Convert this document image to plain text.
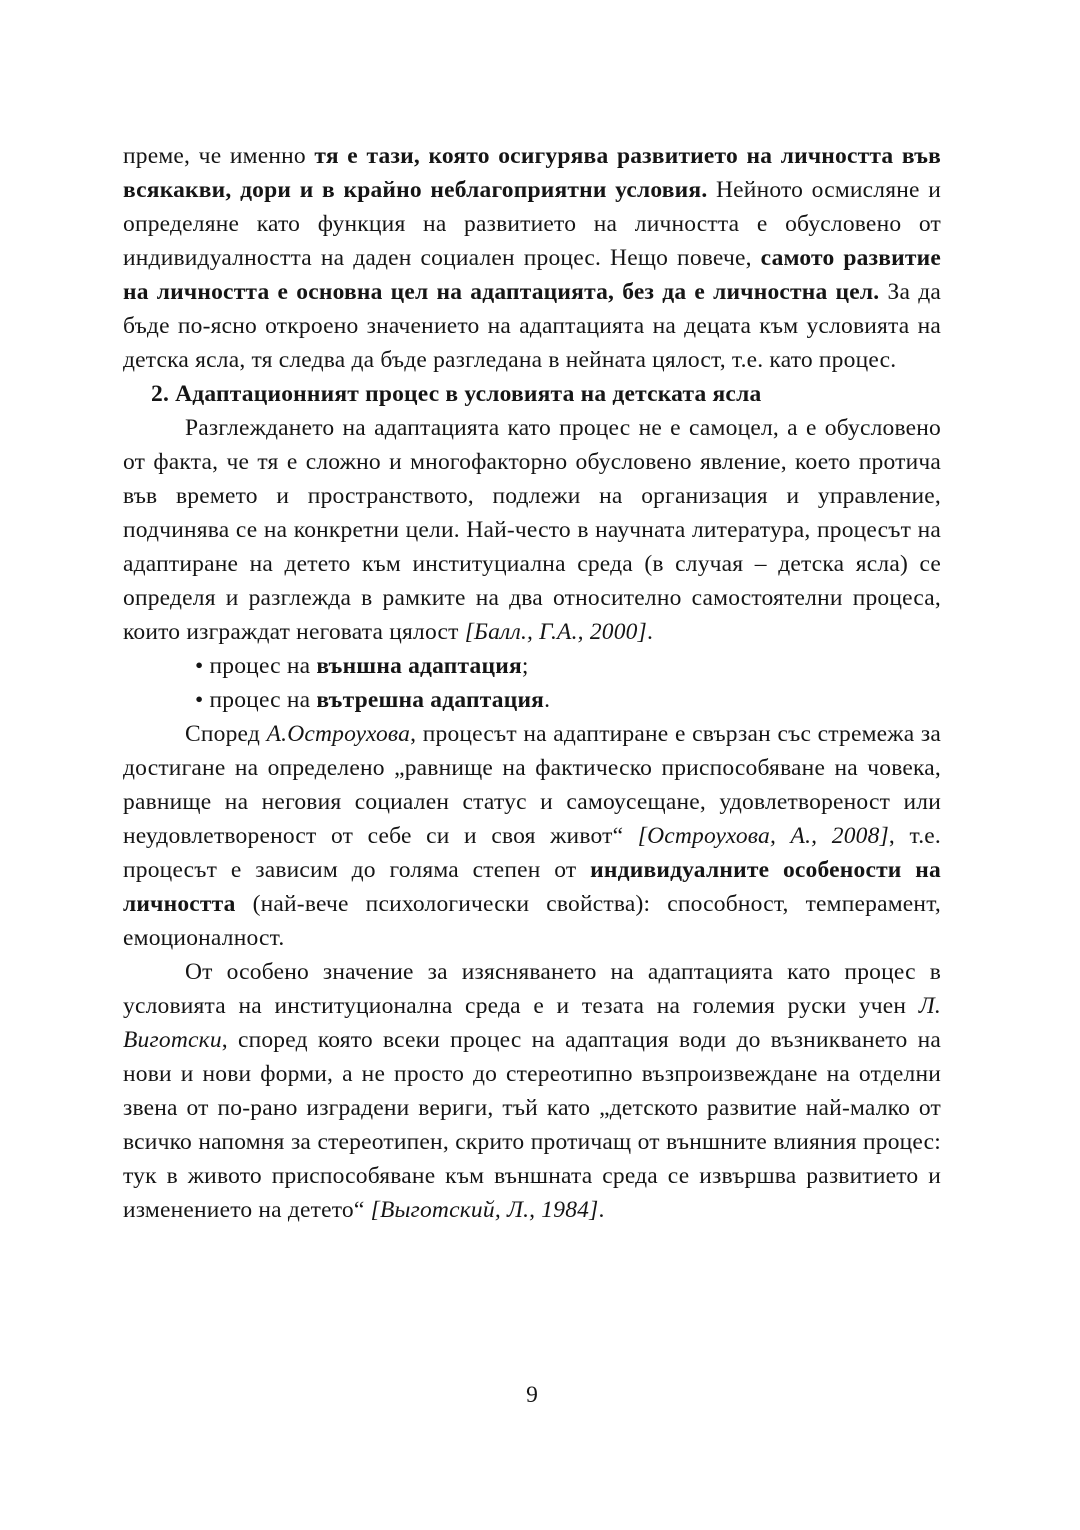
преме, че именно тя е тази, която осигурява развитието на личността във всякакви, дори и в крайно неблагоприятни условия. Нейното осмисляне и определяне като функция на развитието на личността е обусловено от индивидуалността на даден социален процес. Нещо повече, самото развитие на личността е основна цел на адаптацията, без да е личностна цел. За да бъде по-ясно откроено значението на адаптацията на децата към условията на детска ясла, тя следва да бъде разгледана в нейната цялост, т.е. като процес.
2. Адаптационният процес в условията на детската ясла
Разглеждането на адаптацията като процес не е самоцел, а е обусловено от факта, че тя е сложно и многофакторно обусловено явление, което протича във времето и пространството, подлежи на организация и управление, подчинява се на конкретни цели. Най-често в научната литература, процесът на адаптиране на детето към институциална среда (в случая – детска ясла) се определя и разглежда в рамките на два относително самостоятелни процеса, които изграждат неговата цялост [Балл., Г.А., 2000].
• процес на външна адаптация;
• процес на вътрешна адаптация.
Според А.Остроухова, процесът на адаптиране е свързан със стремежа за достигане на определено „равнище на фактическо приспособяване на човека, равнище на неговия социален статус и самоусещане, удовлетвореност или неудовлетвореност от себе си и своя живот“ [Остроухова, А., 2008], т.е. процесът е зависим до голяма степен от индивидуалните особености на личността (най-вече психологически свойства): способност, темперамент, емоционалност.
От особено значение за изясняването на адаптацията като процес в условията на институционална среда е и тезата на големия руски учен Л. Виготски, според която всеки процес на адаптация води до възникването на нови и нови форми, а не просто до стереотипно възпроизвеждане на отделни звена от по-рано изградени вериги, тъй като „детското развитие най-малко от всичко напомня за стереотипен, скрито протичащ от външните влияния процес: тук в живото приспособяване към външната среда се извършва развитието и изменението на детето“ [Выготский, Л., 1984].
9
